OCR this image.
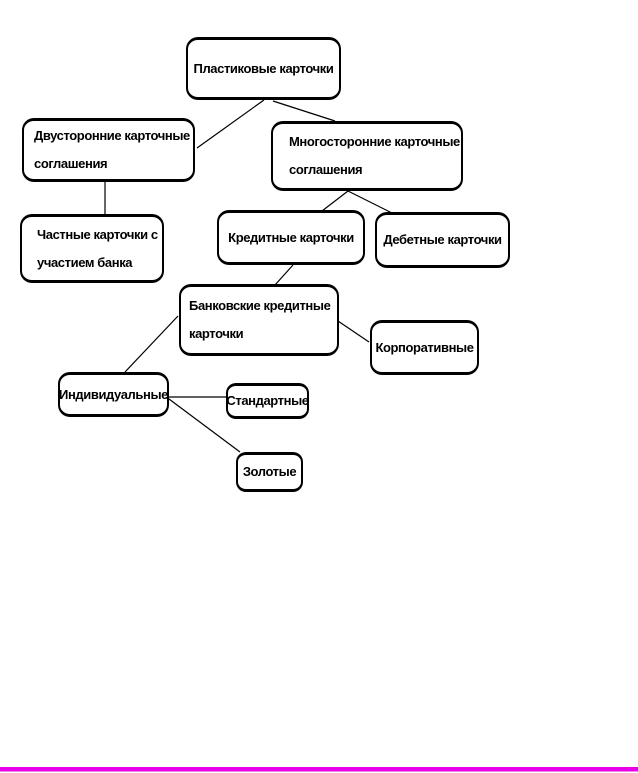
Пластиковые карточки
Двусторонние карточные
соглашения
Многосторонние карточные
соглашения
Частные карточки с
участием банка
Кредитные карточки Дебетные карточки
Банковские кредитные
карточки
Корпоративные
Индивидуальные	Стандартные
Золотые
